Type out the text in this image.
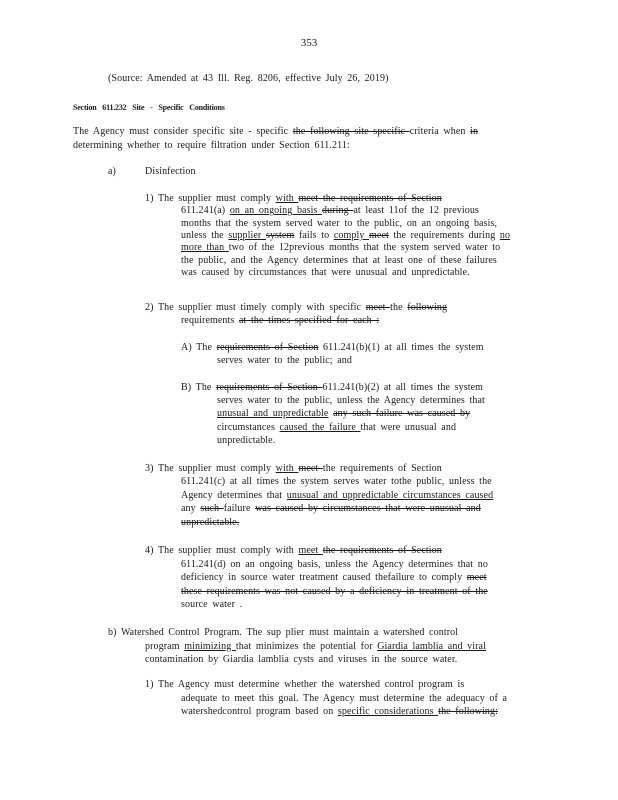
353
(Source: Amended at 43 Ill. Reg. 8206, effective July 26, 2019)
Section 611.232 Site - Specific Conditions
The Agency must consider specific site - specific the following site specific criteria when in
determining whether to require filtration under Section 611.211:
a)	Disinfection
1) The supplier must comply with meet the requirements of Section
611.241(a) on an ongoing basis during at least 11of the 12 previous
months that the system served water to the public, on an ongoing basis,
unless the supplier system fails to comply meet the requirements during no
more than two of the 12previous months that the system served water to
the public, and the Agency determines that at least one of these failures
was caused by circumstances that were unusual and unpredictable.
2) The supplier must timely comply with specific meet the following
requirements at the times specified for each :
A) The requirements of Section 611.241(b)(1) at all times the system
serves water to the public; and
B) The requirements of Section 611.241(b)(2) at all times the system
serves water to the public, unless the Agency determines that
unusual and unpredictable any such failure was caused by
circumstances caused the failure that were unusual and
unpredictable.
3) The supplier must comply with meet the requirements of Section
611.241(c) at all times the system serves water tothe public, unless the
Agency determines that unusual and uppredictable circumstances caused
any such failure was caused by circumstances that were unusual and
unpredictable.
4) The supplier must comply with meet the requirements of Section
611.241(d) on an ongoing basis, unless the Agency determines that no
deficiency in source water treatment caused thefailure to comply meet
these requirements was not caused by a deficiency in treatment of the
source water .
b) Watershed Control Program. The sup plier must maintain a watershed control
program minimizing that minimizes the potential for Giardia lamblia and viral
contamination by Giardia lamblia cysts and viruses in the source water.
1) The Agency must determine whether the watershed control program is
adequate to meet this goal. The Agency must determine the adequacy of a
watershedcontrol program based on specific considerations the following:
